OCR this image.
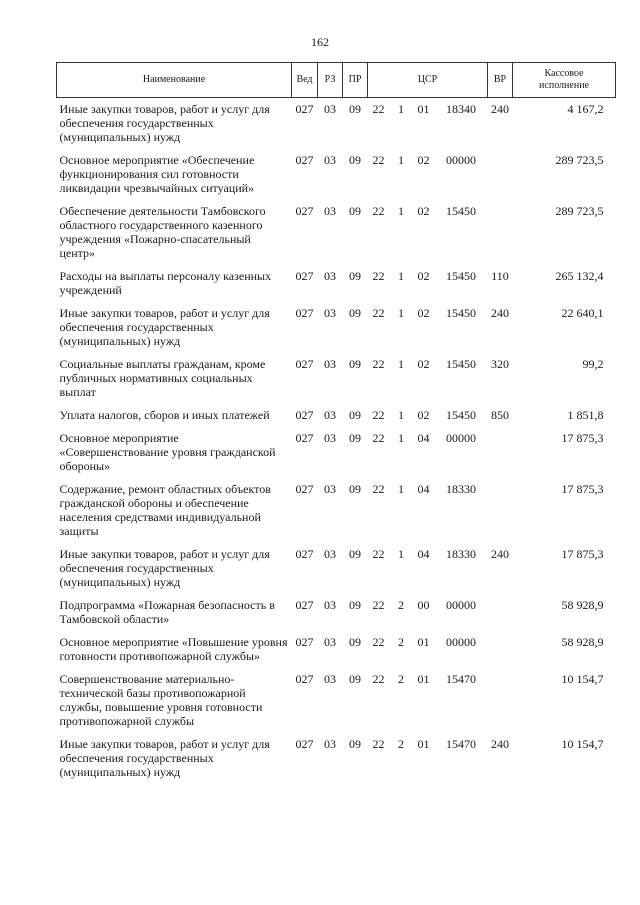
162
Наименование	Вед	РЗ	ПР	ЦСР				ВР	Кассовое
исполнение
Иные закупки товаров, работ и услуг для обеспечения государственных (муниципальных) нужд	027	03	09	22	1	01	18340	240	4 167,2
Основное мероприятие «Обеспечение функционирования сил готовности ликвидации чрезвычайных ситуаций»	027	03	09	22	1	02	00000		289 723,5
Обеспечение деятельности Тамбовского областного государственного казенного учреждения «Пожарно-спасательный центр»	027	03	09	22	1	02	15450		289 723,5
Расходы на выплаты персоналу казенных учреждений	027	03	09	22	1	02	15450	110	265 132,4
Иные закупки товаров, работ и услуг для обеспечения государственных (муниципальных) нужд	027	03	09	22	1	02	15450	240	22 640,1
Социальные выплаты гражданам, кроме публичных нормативных социальных выплат	027	03	09	22	1	02	15450	320	99,2
Уплата налогов, сборов и иных платежей	027	03	09	22	1	02	15450	850	1 851,8
Основное мероприятие «Совершенствование уровня гражданской обороны»	027	03	09	22	1	04	00000		17 875,3
Содержание, ремонт областных объектов гражданской обороны и обеспечение населения средствами индивидуальной защиты	027	03	09	22	1	04	18330		17 875,3
Иные закупки товаров, работ и услуг для обеспечения государственных (муниципальных) нужд	027	03	09	22	1	04	18330	240	17 875,3
Подпрограмма «Пожарная безопасность в Тамбовской области»	027	03	09	22	2	00	00000		58 928,9
Основное мероприятие «Повышение уровня готовности противопожарной службы»	027	03	09	22	2	01	00000		58 928,9
Совершенствование материально-технической базы противопожарной службы, повышение уровня готовности противопожарной службы	027	03	09	22	2	01	15470		10 154,7
Иные закупки товаров, работ и услуг для обеспечения государственных (муниципальных) нужд	027	03	09	22	2	01	15470	240	10 154,7
